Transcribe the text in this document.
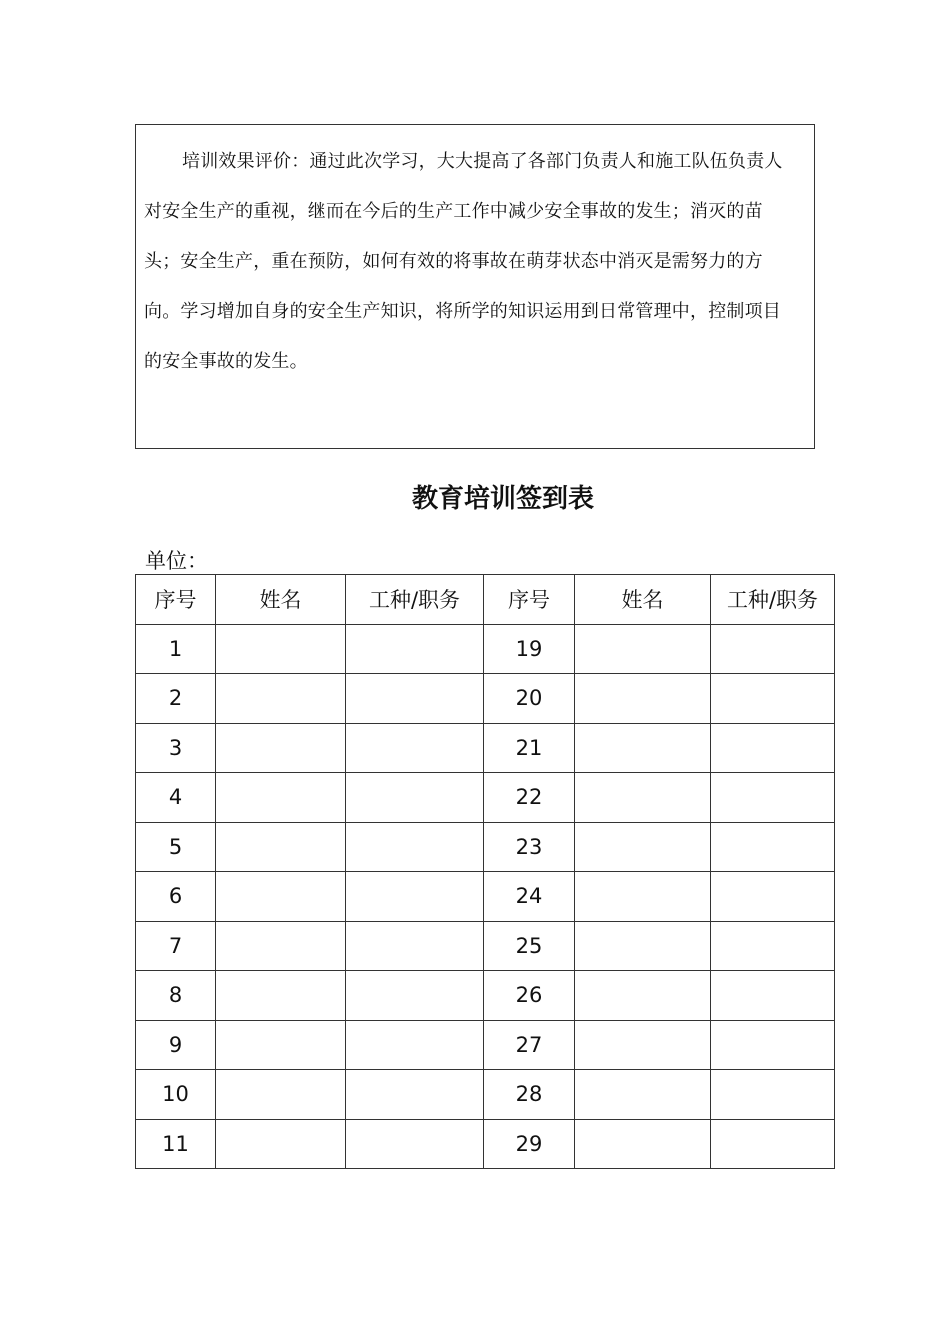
培训效果评价：通过此次学习，大大提高了各部门负责人和施工队伍负责人对安全生产的重视，继而在今后的生产工作中减少安全事故的发生；消灭的苗头；安全生产，重在预防，如何有效的将事故在萌芽状态中消灭是需努力的方向。学习增加自身的安全生产知识，将所学的知识运用到日常管理中，控制项目的安全事故的发生。

教育培训签到表
单位：
序号	姓名	工种/职务	序号	姓名	工种/职务
1			19		
2			20		
3			21		
4			22		
5			23		
6			24		
7			25		
8			26		
9			27		
10			28		
11			29		
